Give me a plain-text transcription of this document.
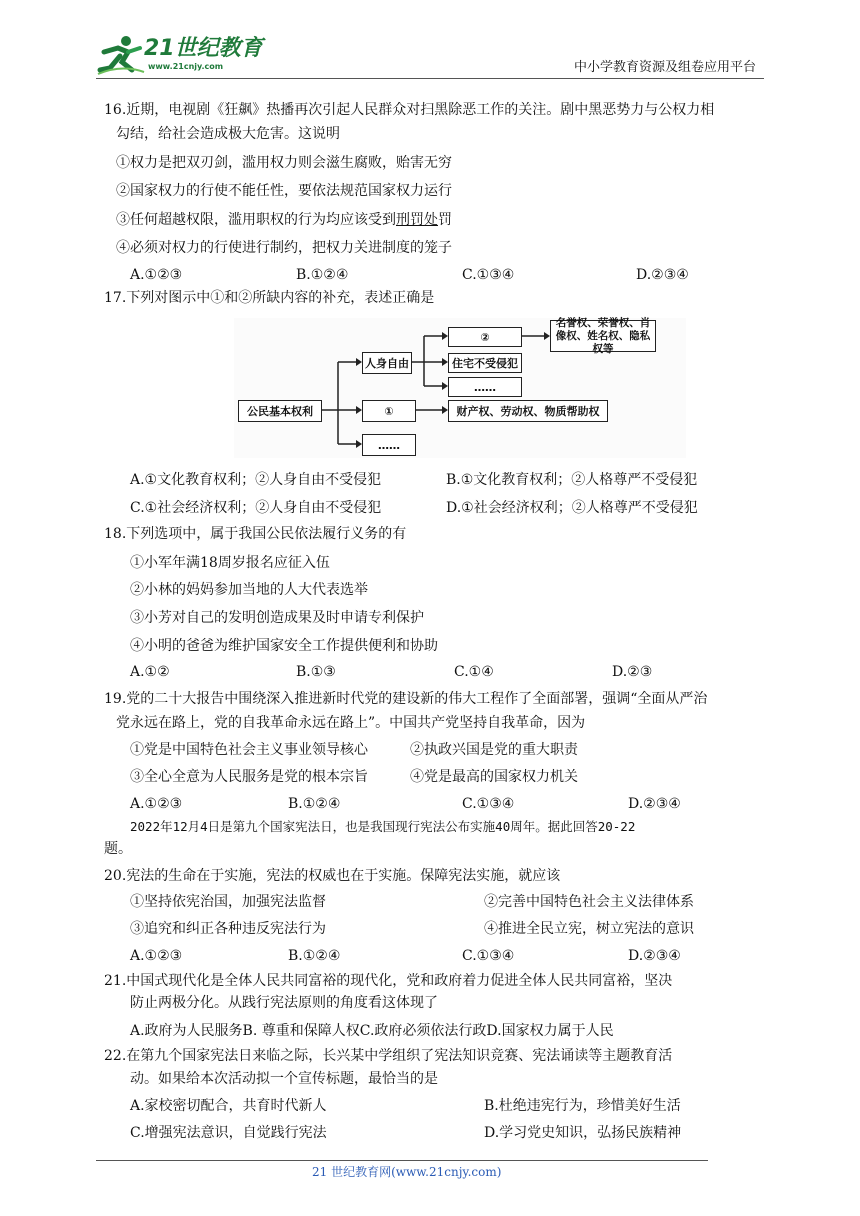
21世纪教育
www.21cnjy.com	中小学教育资源及组卷应用平台
16.近期，电视剧《狂飙》热播再次引起人民群众对扫黑除恶工作的关注。剧中黑恶势力与公权力相
勾结，给社会造成极大危害。这说明
①权力是把双刃剑，滥用权力则会滋生腐败，贻害无穷
②国家权力的行使不能任性，要依法规范国家权力运行
③任何超越权限，滥用职权的行为均应该受到刑罚处罚
④必须对权力的行使进行制约，把权力关进制度的笼子
A.①②③	B.①②④	C.①③④	D.②③④
17.下列对图示中①和②所缺内容的补充，表述正确是
公民基本权利
人身自由
①
……
②
住宅不受侵犯
……
名誉权、荣誉权、肖像权、姓名权、隐私权等
财产权、劳动权、物质帮助权
A.①文化教育权利；②人身自由不受侵犯	B.①文化教育权利；②人格尊严不受侵犯
C.①社会经济权利；②人身自由不受侵犯	D.①社会经济权利；②人格尊严不受侵犯
18.下列选项中，属于我国公民依法履行义务的有
①小军年满18周岁报名应征入伍
②小林的妈妈参加当地的人大代表选举
③小芳对自己的发明创造成果及时申请专利保护
④小明的爸爸为维护国家安全工作提供便利和协助
A.①②	B.①③	C.①④	D.②③
19.党的二十大报告中围绕深入推进新时代党的建设新的伟大工程作了全面部署，强调“全面从严治
党永远在路上，党的自我革命永远在路上”。中国共产党坚持自我革命，因为
①党是中国特色社会主义事业领导核心	②执政兴国是党的重大职责
③全心全意为人民服务是党的根本宗旨	④党是最高的国家权力机关
A.①②③	B.①②④	C.①③④	D.②③④
2022年12月4日是第九个国家宪法日，也是我国现行宪法公布实施40周年。据此回答20-22
题。
20.宪法的生命在于实施，宪法的权威也在于实施。保障宪法实施，就应该
①坚持依宪治国，加强宪法监督	②完善中国特色社会主义法律体系
③追究和纠正各种违反宪法行为	④推进全民立宪，树立宪法的意识
A.①②③	B.①②④	C.①③④	D.②③④
21.中国式现代化是全体人民共同富裕的现代化，党和政府着力促进全体人民共同富裕，坚决
防止两极分化。从践行宪法原则的角度看这体现了
A.政府为人民服务B. 尊重和保障人权C.政府必须依法行政D.国家权力属于人民
22.在第九个国家宪法日来临之际，长兴某中学组织了宪法知识竞赛、宪法诵读等主题教育活
动。如果给本次活动拟一个宣传标题，最恰当的是
A.家校密切配合，共育时代新人	B.杜绝违宪行为，珍惜美好生活
C.增强宪法意识，自觉践行宪法	D.学习党史知识，弘扬民族精神
21 世纪教育网(www.21cnjy.com)
